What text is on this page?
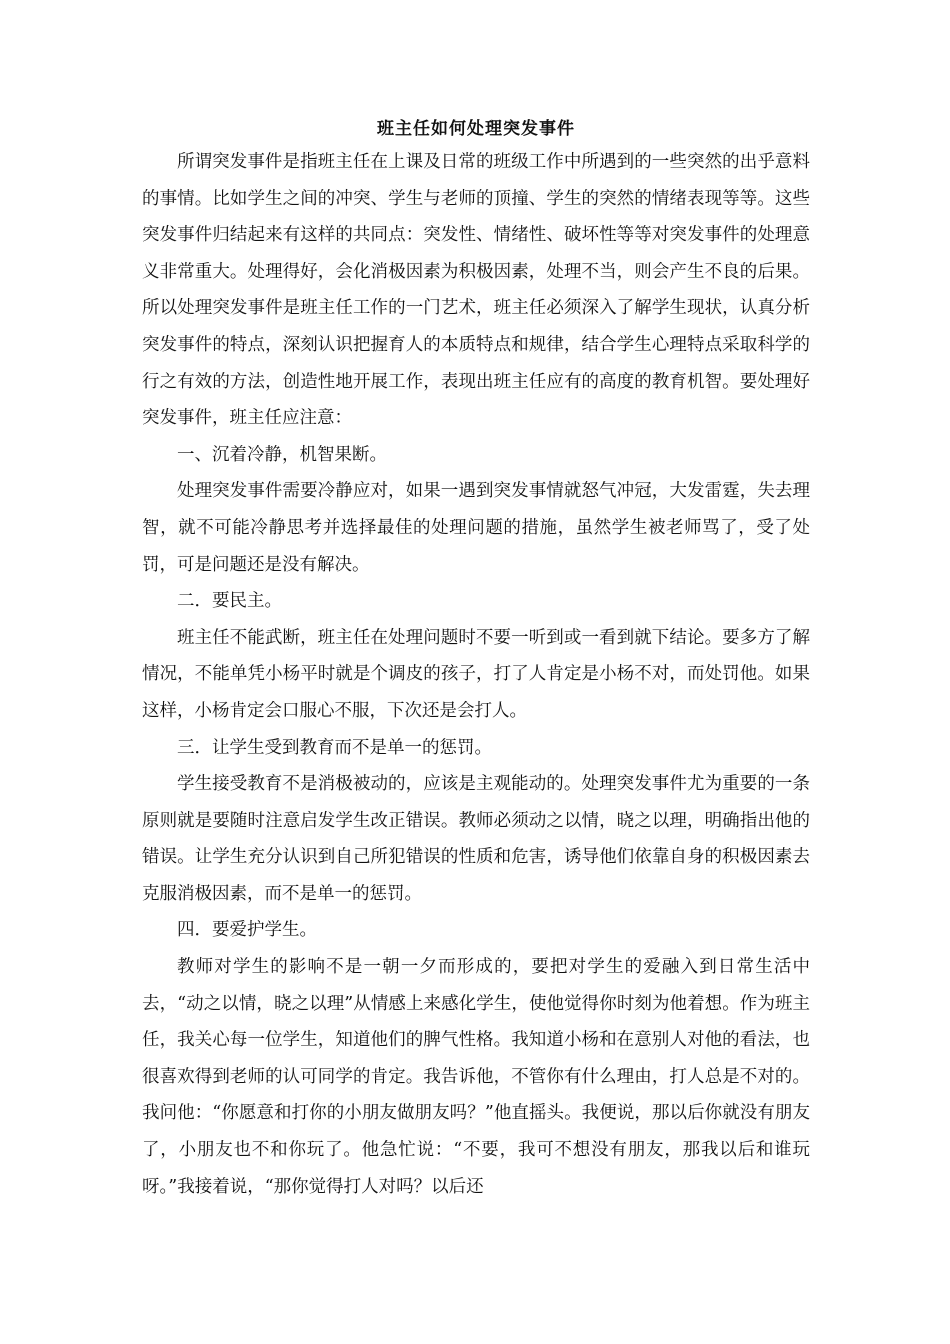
班主任如何处理突发事件

所谓突发事件是指班主任在上课及日常的班级工作中所遇到的一些突然的出乎意料的事情。比如学生之间的冲突、学生与老师的顶撞、学生的突然的情绪表现等等。这些突发事件归结起来有这样的共同点：突发性、情绪性、破坏性等等对突发事件的处理意义非常重大。处理得好，会化消极因素为积极因素，处理不当，则会产生不良的后果。所以处理突发事件是班主任工作的一门艺术，班主任必须深入了解学生现状，认真分析突发事件的特点，深刻认识把握育人的本质特点和规律，结合学生心理特点采取科学的行之有效的方法，创造性地开展工作，表现出班主任应有的高度的教育机智。要处理好突发事件，班主任应注意：

一、沉着冷静，机智果断。

处理突发事件需要冷静应对，如果一遇到突发事情就怒气冲冠，大发雷霆，失去理智，就不可能冷静思考并选择最佳的处理问题的措施，虽然学生被老师骂了，受了处罚，可是问题还是没有解决。

二．要民主。

班主任不能武断，班主任在处理问题时不要一听到或一看到就下结论。要多方了解情况，不能单凭小杨平时就是个调皮的孩子，打了人肯定是小杨不对，而处罚他。如果这样，小杨肯定会口服心不服，下次还是会打人。

三．让学生受到教育而不是单一的惩罚。

学生接受教育不是消极被动的，应该是主观能动的。处理突发事件尤为重要的一条原则就是要随时注意启发学生改正错误。教师必须动之以情，晓之以理，明确指出他的错误。让学生充分认识到自己所犯错误的性质和危害，诱导他们依靠自身的积极因素去克服消极因素，而不是单一的惩罚。

四．要爱护学生。

教师对学生的影响不是一朝一夕而形成的，要把对学生的爱融入到日常生活中去，“动之以情，晓之以理”从情感上来感化学生，使他觉得你时刻为他着想。作为班主任，我关心每一位学生，知道他们的脾气性格。我知道小杨和在意别人对他的看法，也很喜欢得到老师的认可同学的肯定。我告诉他，不管你有什么理由，打人总是不对的。我问他：“你愿意和打你的小朋友做朋友吗？”他直摇头。我便说，那以后你就没有朋友了，小朋友也不和你玩了。他急忙说：“不要，我可不想没有朋友，那我以后和谁玩呀。”我接着说，“那你觉得打人对吗？以后还
